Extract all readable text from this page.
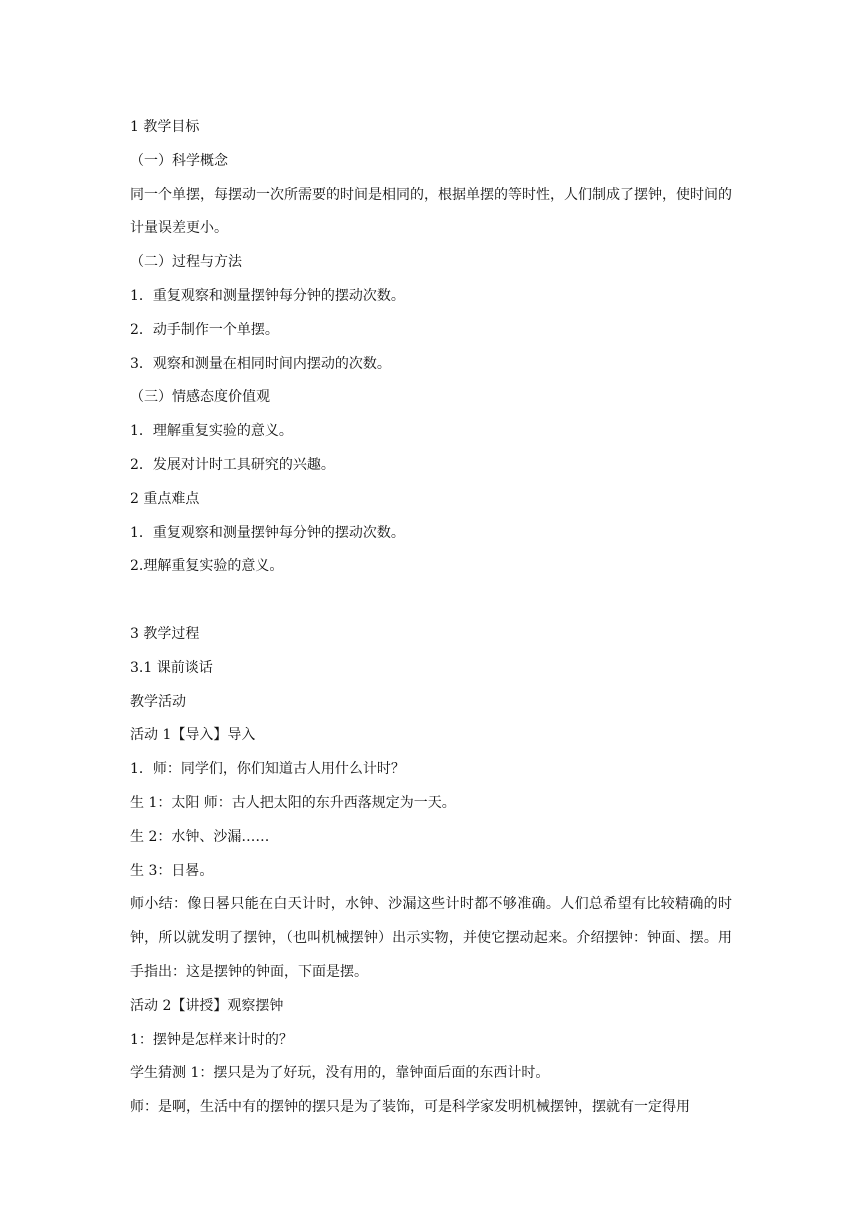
1 教学目标

（一）科学概念

同一个单摆，每摆动一次所需要的时间是相同的，根据单摆的等时性，人们制成了摆钟，使时间的计量误差更小。

（二）过程与方法

1．重复观察和测量摆钟每分钟的摆动次数。

2．动手制作一个单摆。

3．观察和测量在相同时间内摆动的次数。

（三）情感态度价值观

1．理解重复实验的意义。

2．发展对计时工具研究的兴趣。

2 重点难点

1．重复观察和测量摆钟每分钟的摆动次数。

2.理解重复实验的意义。

3 教学过程

3.1 课前谈话

教学活动

活动 1【导入】导入

1．师：同学们，你们知道古人用什么计时？

生 1：太阳 师：古人把太阳的东升西落规定为一天。

生 2：水钟、沙漏……

生 3：日晷。

师小结：像日晷只能在白天计时，水钟、沙漏这些计时都不够准确。人们总希望有比较精确的时钟，所以就发明了摆钟，（也叫机械摆钟）出示实物，并使它摆动起来。介绍摆钟：钟面、摆。用手指出：这是摆钟的钟面，下面是摆。

活动 2【讲授】观察摆钟

1：摆钟是怎样来计时的？

学生猜测 1：摆只是为了好玩，没有用的，靠钟面后面的东西计时。

师：是啊，生活中有的摆钟的摆只是为了装饰，可是科学家发明机械摆钟，摆就有一定得用
